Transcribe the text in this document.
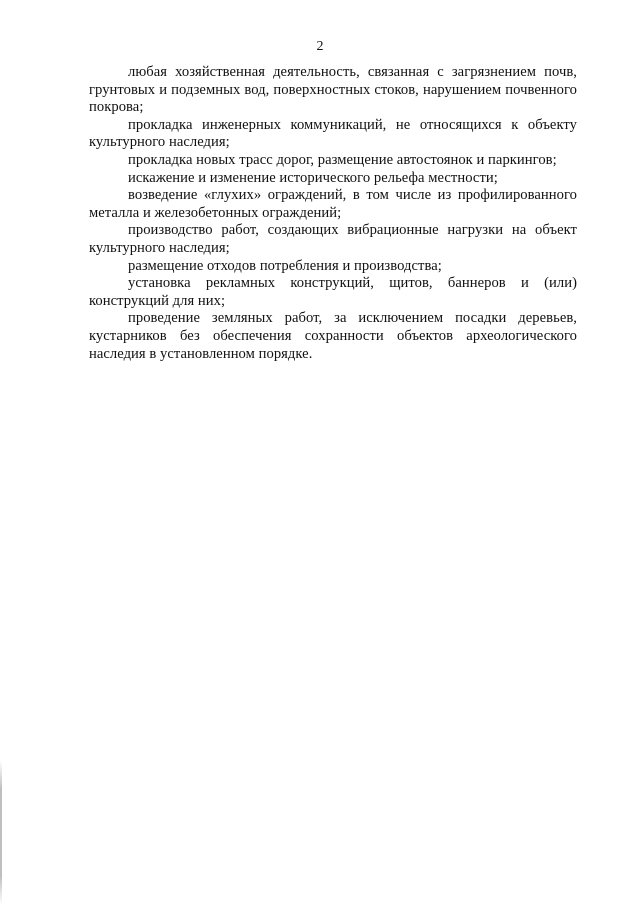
2

любая хозяйственная деятельность, связанная с загрязнением почв, грунтовых и подземных вод, поверхностных стоков, нарушением почвенного покрова;

прокладка инженерных коммуникаций, не относящихся к объекту культурного наследия;

прокладка новых трасс дорог, размещение автостоянок и паркингов;

искажение и изменение исторического рельефа местности;

возведение «глухих» ограждений, в том числе из профилированного металла и железобетонных ограждений;

производство работ, создающих вибрационные нагрузки на объект культурного наследия;

размещение отходов потребления и производства;

установка рекламных конструкций, щитов, баннеров и (или) конструкций для них;

проведение земляных работ, за исключением посадки деревьев, кустарников без обеспечения сохранности объектов археологического наследия в установленном порядке.
